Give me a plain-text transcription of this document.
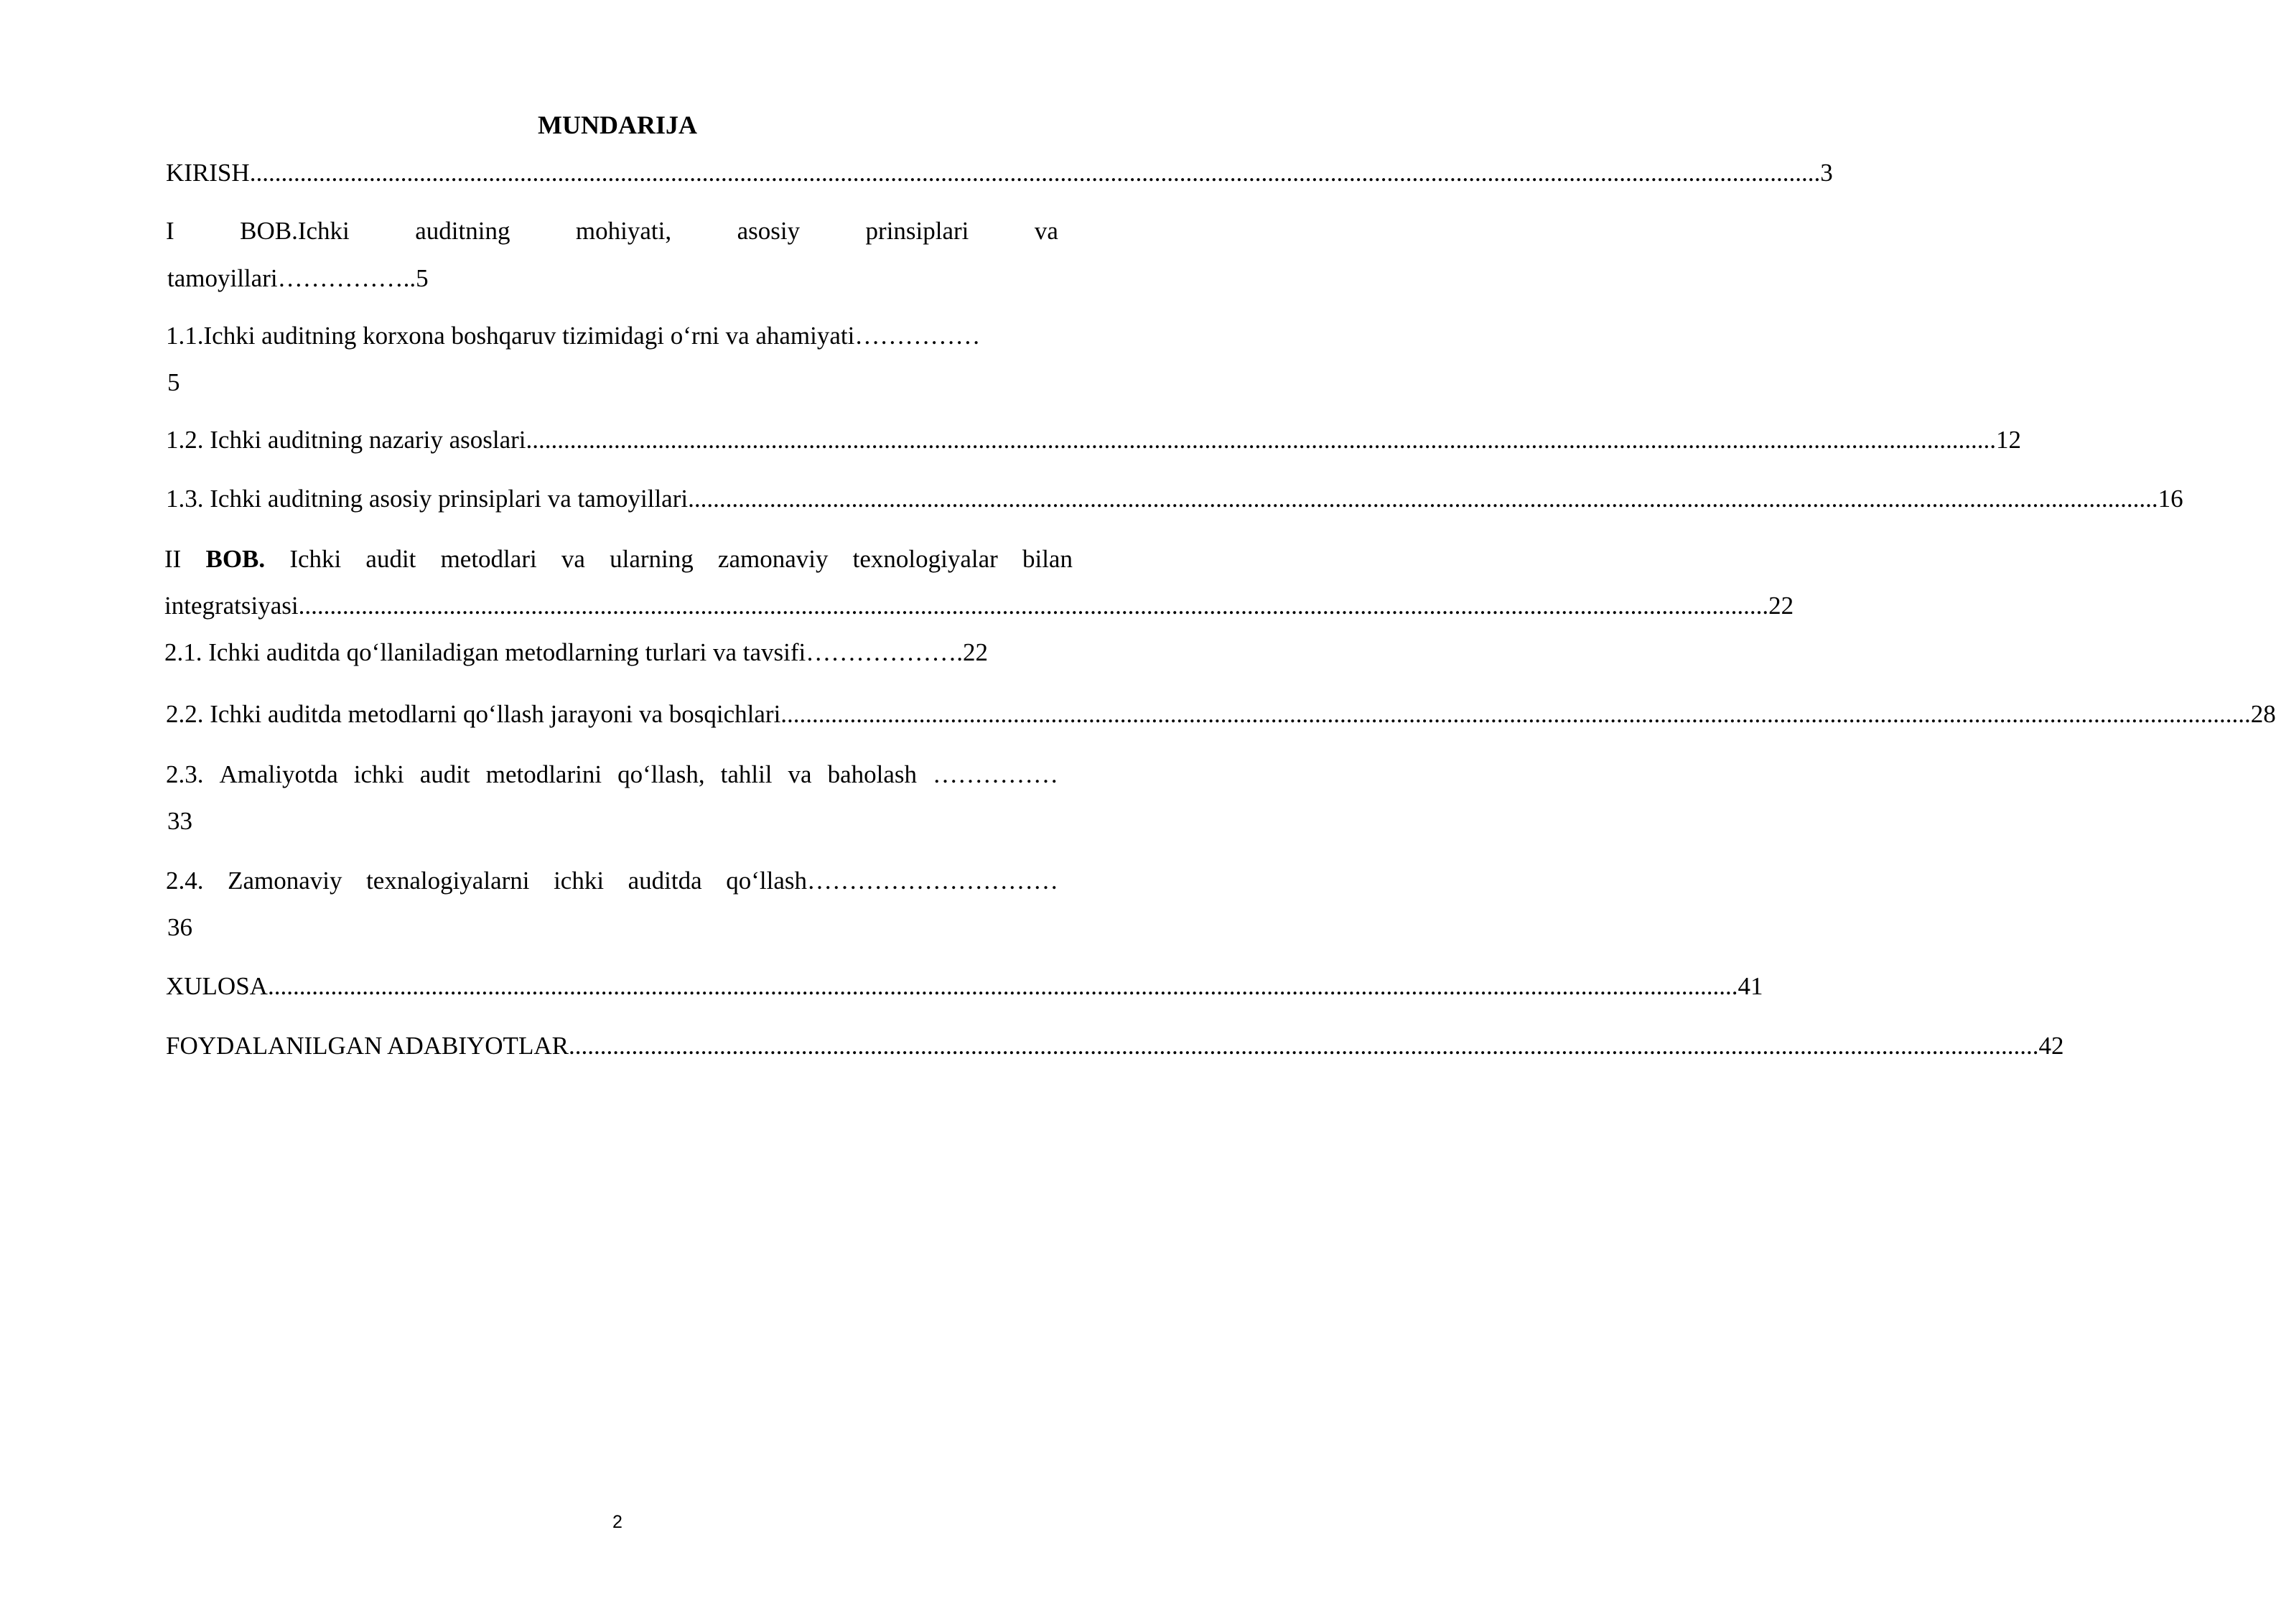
MUNDARIJA
KIRISH .......................................................................................................................................................................................................................................................... 3
I	BOB.Ichki	auditning	mohiyati,	asosiy	prinsiplari	va
tamoyillari……………..5
1.1.Ichki auditning korxona boshqaruv tizimidagi o‘rni va ahamiyati……………
5
1.2. Ichki auditning nazariy asoslari .......................................................................................................................................................................................................................................... 12
1.3. Ichki auditning asosiy prinsiplari va tamoyillari .......................................................................................................................................................................................................................................... 16
II BOB. Ichki audit metodlari va ularning zamonaviy texnologiyalar bilan
integratsiyasi .......................................................................................................................................................................................................................................... 22
2.1. Ichki auditda qo‘llaniladigan metodlarning turlari va tavsifi……………….22
2.2. Ichki auditda metodlarni qo‘llash jarayoni va bosqichlari .......................................................................................................................................................................................................................................... 28
2.3. Amaliyotda ichki audit metodlarini qo‘llash, tahlil va baholash ……………
33
2.4. Zamonaviy texnalogiyalarni ichki auditda qo‘llash…………………………
36
XULOSA .......................................................................................................................................................................................................................................... 41
FOYDALANILGAN ADABIYOTLAR .......................................................................................................................................................................................................................................... 42
2
